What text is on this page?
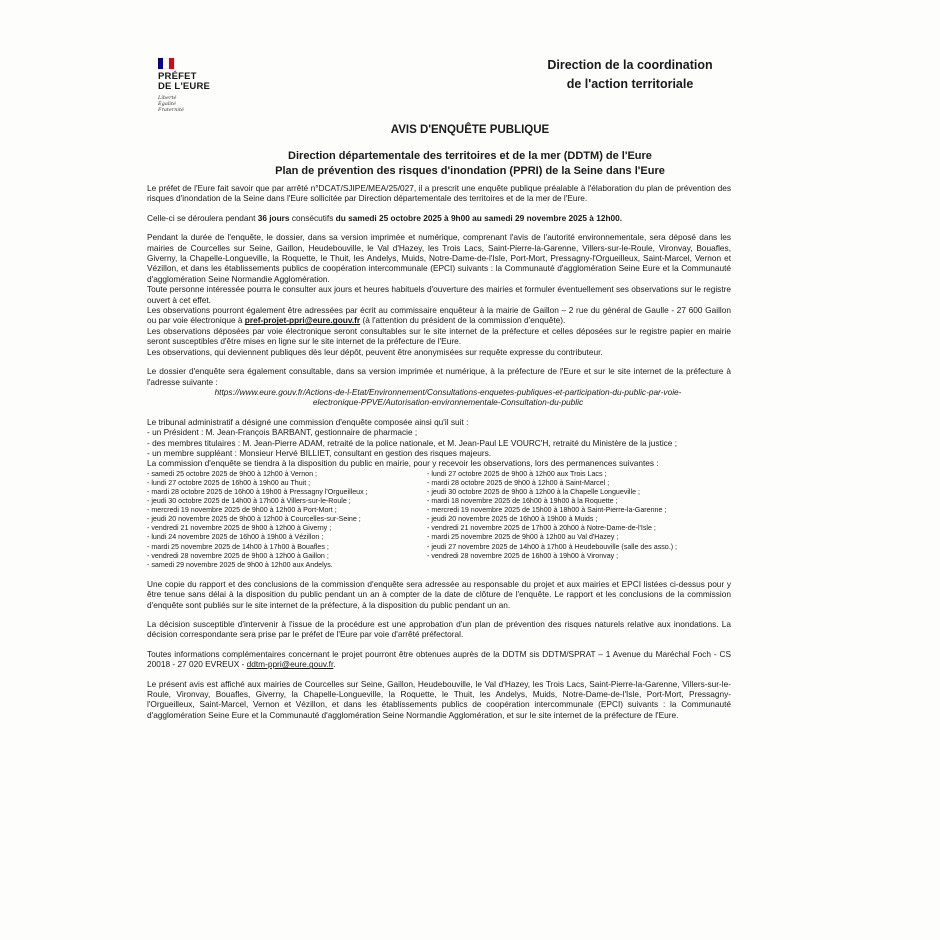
PRÉFET
DE L'EURE
Liberté
Égalité
Fraternité
Direction de la coordination
de l'action territoriale
AVIS D'ENQUÊTE PUBLIQUE
Direction départementale des territoires et de la mer (DDTM) de l'Eure
Plan de prévention des risques d'inondation (PPRI) de la Seine dans l'Eure

Le préfet de l'Eure fait savoir que par arrêté n°DCAT/SJIPE/MEA/25/027, il a prescrit une enquête publique préalable à l'élaboration du plan de prévention des risques d'inondation de la Seine dans l'Eure sollicitée par Direction départementale des territoires et de la mer de l'Eure.

Celle-ci se déroulera pendant 36 jours consécutifs du samedi 25 octobre 2025 à 9h00 au samedi 29 novembre 2025 à 12h00.

Pendant la durée de l'enquête, le dossier, dans sa version imprimée et numérique, comprenant l'avis de l'autorité environnementale, sera déposé dans les mairies de Courcelles sur Seine, Gaillon, Heudebouville, le Val d'Hazey, les Trois Lacs, Saint-Pierre-la-Garenne, Villers-sur-le-Roule, Vironvay, Bouafles, Giverny, la Chapelle-Longueville, la Roquette, le Thuit, les Andelys, Muids, Notre-Dame-de-l'Isle, Port-Mort, Pressagny-l'Orgueilleux, Saint-Marcel, Vernon et Vézillon, et dans les établissements publics de coopération intercommunale (EPCI) suivants : la Communauté d'agglomération Seine Eure et la Communauté d'agglomération Seine Normandie Agglomération.

Toute personne intéressée pourra le consulter aux jours et heures habituels d'ouverture des mairies et formuler éventuellement ses observations sur le registre ouvert à cet effet.

Les observations pourront également être adressées par écrit au commissaire enquêteur à la mairie de Gaillon – 2 rue du général de Gaulle - 27 600 Gaillon ou par voie électronique à pref-projet-ppri@eure.gouv.fr (à l'attention du président de la commission d'enquête).

Les observations déposées par voie électronique seront consultables sur le site internet de la préfecture et celles déposées sur le registre papier en mairie seront susceptibles d'être mises en ligne sur le site internet de la préfecture de l'Eure.

Les observations, qui deviennent publiques dès leur dépôt, peuvent être anonymisées sur requête expresse du contributeur.

Le dossier d'enquête sera également consultable, dans sa version imprimée et numérique, à la préfecture de l'Eure et sur le site internet de la préfecture à l'adresse suivante :

https://www.eure.gouv.fr/Actions-de-l-Etat/Environnement/Consultations-enquetes-publiques-et-participation-du-public-par-voie-
electronique-PPVE/Autorisation-environnementale-Consultation-du-public

Le tribunal administratif a désigné une commission d'enquête composée ainsi qu'il suit :

- un Président : M. Jean-François BARBANT, gestionnaire de pharmacie ;

- des membres titulaires : M. Jean-Pierre ADAM, retraité de la police nationale, et M. Jean-Paul LE VOURC'H, retraité du Ministère de la justice ;

- un membre suppléant : Monsieur Hervé BILLIET, consultant en gestion des risques majeurs.

La commission d'enquête se tiendra à la disposition du public en mairie, pour y recevoir les observations, lors des permanences suivantes :

- samedi 25 octobre 2025 de 9h00 à 12h00 à Vernon ;
- lundi 27 octobre 2025 de 16h00 à 19h00 au Thuit ;
- mardi 28 octobre 2025 de 16h00 à 19h00 à Pressagny l'Orgueilleux ;
- jeudi 30 octobre 2025 de 14h00 à 17h00 à Villers-sur-le-Roule ;
- mercredi 19 novembre 2025 de 9h00 à 12h00 à Port-Mort ;
- jeudi 20 novembre 2025 de 9h00 à 12h00 à Courcelles-sur-Seine ;
- vendredi 21 novembre 2025 de 9h00 à 12h00 à Giverny ;
- lundi 24 novembre 2025 de 16h00 à 19h00 à Vézillon ;
- mardi 25 novembre 2025 de 14h00 à 17h00 à Bouafles ;
- vendredi 28 novembre 2025 de 9h00 à 12h00 à Gaillon ;
- samedi 29 novembre 2025 de 9h00 à 12h00 aux Andelys.
- lundi 27 octobre 2025 de 9h00 à 12h00 aux Trois Lacs ;
- mardi 28 octobre 2025 de 9h00 à 12h00 à Saint-Marcel ;
- jeudi 30 octobre 2025 de 9h00 à 12h00 à la Chapelle Longueville ;
- mardi 18 novembre 2025 de 16h00 à 19h00 à la Roquette ;
- mercredi 19 novembre 2025 de 15h00 à 18h00 à Saint-Pierre-la-Garenne ;
- jeudi 20 novembre 2025 de 16h00 à 19h00 à Muids ;
- vendredi 21 novembre 2025 de 17h00 à 20h00 à Notre-Dame-de-l'Isle ;
- mardi 25 novembre 2025 de 9h00 à 12h00 au Val d'Hazey ;
- jeudi 27 novembre 2025 de 14h00 à 17h00 à Heudebouville (salle des asso.) ;
- vendredi 28 novembre 2025 de 16h00 à 19h00 à Vironvay ;

Une copie du rapport et des conclusions de la commission d'enquête sera adressée au responsable du projet et aux mairies et EPCI listées ci-dessus pour y être tenue sans délai à la disposition du public pendant un an à compter de la date de clôture de l'enquête. Le rapport et les conclusions de la commission d'enquête sont publiés sur le site internet de la préfecture, à la disposition du public pendant un an.

La décision susceptible d'intervenir à l'issue de la procédure est une approbation d'un plan de prévention des risques naturels relative aux inondations. La décision correspondante sera prise par le préfet de l'Eure par voie d'arrêté préfectoral.

Toutes informations complémentaires concernant le projet pourront être obtenues auprès de la DDTM sis DDTM/SPRAT – 1 Avenue du Maréchal Foch - CS 20018 - 27 020 EVREUX - ddtm-ppri@eure.gouv.fr.

Le présent avis est affiché aux mairies de Courcelles sur Seine, Gaillon, Heudebouville, le Val d'Hazey, les Trois Lacs, Saint-Pierre-la-Garenne, Villers-sur-le-Roule, Vironvay, Bouafles, Giverny, la Chapelle-Longueville, la Roquette, le Thuit, les Andelys, Muids, Notre-Dame-de-l'Isle, Port-Mort, Pressagny-l'Orgueilleux, Saint-Marcel, Vernon et Vézillon, et dans les établissements publics de coopération intercommunale (EPCI) suivants : la Communauté d'agglomération Seine Eure et la Communauté d'agglomération Seine Normandie Agglomération, et sur le site internet de la préfecture de l'Eure.
